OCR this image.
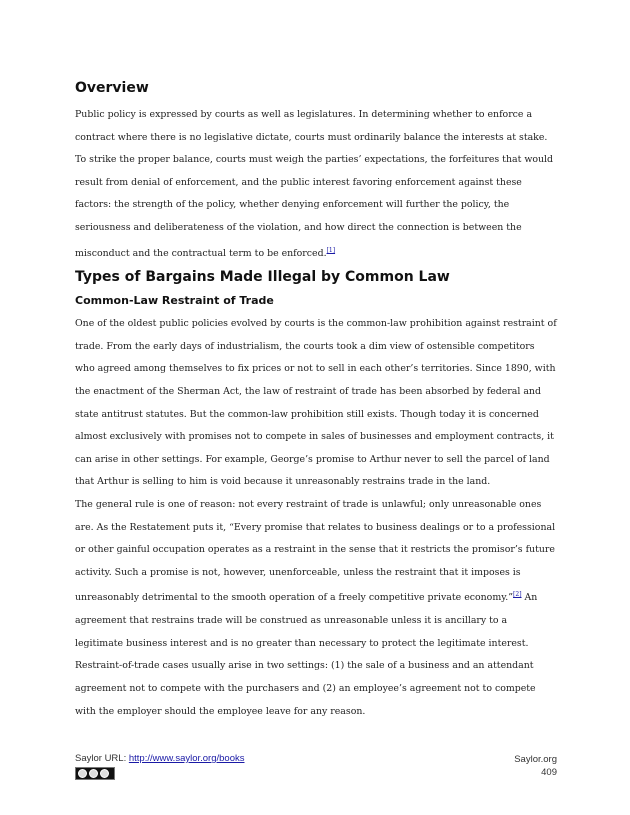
Overview

Public policy is expressed by courts as well as legislatures. In determining whether to enforce a contract where there is no legislative dictate, courts must ordinarily balance the interests at stake. To strike the proper balance, courts must weigh the parties’ expectations, the forfeitures that would result from denial of enforcement, and the public interest favoring enforcement against these factors: the strength of the policy, whether denying enforcement will further the policy, the seriousness and deliberateness of the violation, and how direct the connection is between the misconduct and the contractual term to be enforced.[1]

Types of Bargains Made Illegal by Common Law
Common-Law Restraint of Trade

One of the oldest public policies evolved by courts is the common-law prohibition against restraint of trade. From the early days of industrialism, the courts took a dim view of ostensible competitors who agreed among themselves to fix prices or not to sell in each other’s territories. Since 1890, with the enactment of the Sherman Act, the law of restraint of trade has been absorbed by federal and state antitrust statutes. But the common-law prohibition still exists. Though today it is concerned almost exclusively with promises not to compete in sales of businesses and employment contracts, it can arise in other settings. For example, George’s promise to Arthur never to sell the parcel of land that Arthur is selling to him is void because it unreasonably restrains trade in the land.

The general rule is one of reason: not every restraint of trade is unlawful; only unreasonable ones are. As the Restatement puts it, “Every promise that relates to business dealings or to a professional or other gainful occupation operates as a restraint in the sense that it restricts the promisor’s future activity. Such a promise is not, however, unenforceable, unless the restraint that it imposes is unreasonably detrimental to the smooth operation of a freely competitive private economy.”[2] An agreement that restrains trade will be construed as unreasonable unless it is ancillary to a legitimate business interest and is no greater than necessary to protect the legitimate interest. Restraint-of-trade cases usually arise in two settings: (1) the sale of a business and an attendant agreement not to compete with the purchasers and (2) an employee’s agreement not to compete with the employer should the employee leave for any reason.

Saylor URL: http://www.saylor.org/books	Saylor.org
409
